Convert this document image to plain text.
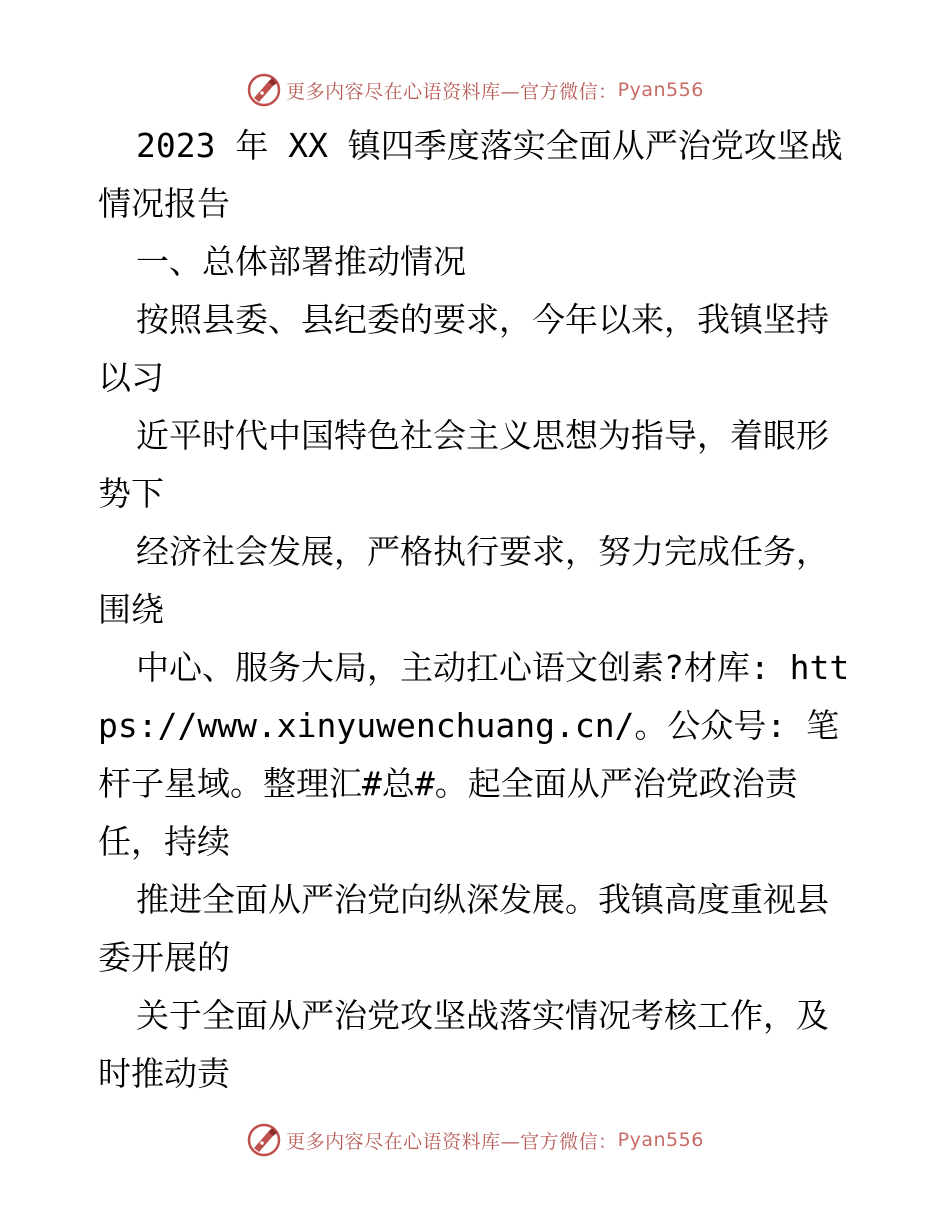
更多内容尽在心语资料库—官方微信： Pyan556

2023 年 XX 镇四季度落实全面从严治党攻坚战情况报告

一、总体部署推动情况

按照县委、县纪委的要求，今年以来，我镇坚持以习

近平时代中国特色社会主义思想为指导，着眼形势下

经济社会发展，严格执行要求，努力完成任务，围绕

中心、服务大局，主动扛心语文创素?材库: https://www.xinyuwenchuang.cn/。公众号: 笔杆子星域。整理汇#总#。起全面从严治党政治责任，持续

推进全面从严治党向纵深发展。我镇高度重视县委开展的

关于全面从严治党攻坚战落实情况考核工作，及时推动责

更多内容尽在心语资料库—官方微信： Pyan556
